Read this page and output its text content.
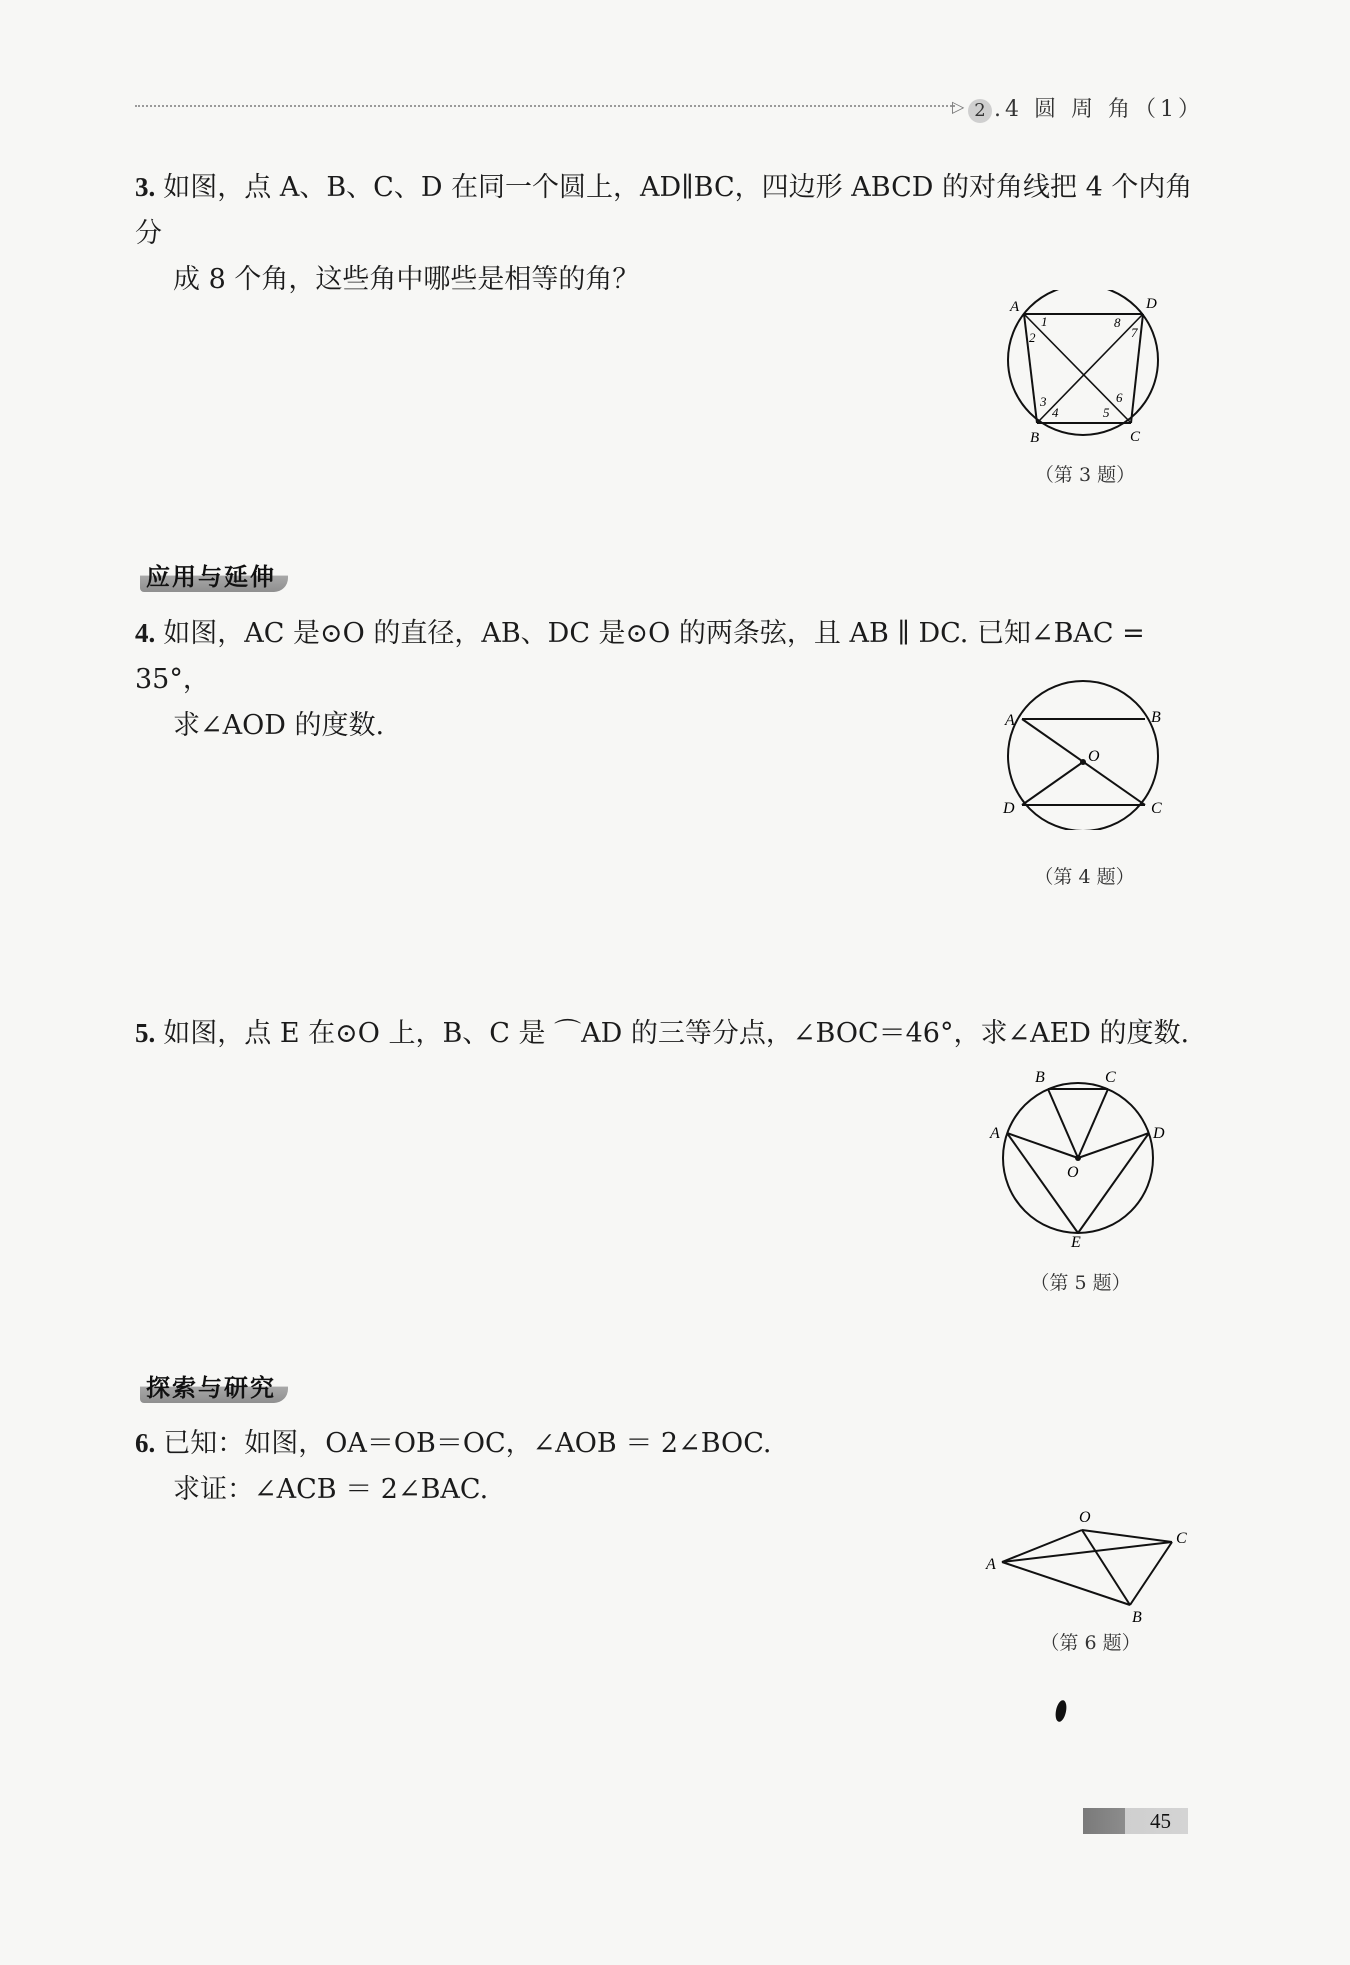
▷ 2 .4 圆 周 角（1）
3. 如图，点 A、B、C、D 在同一个圆上，AD∥BC，四边形 ABCD 的对角线把 4 个内角分
成 8 个角，这些角中哪些是相等的角？
A	D
B	C
1
2
3
4	5
6
7
8
（第 3 题）
应用与延伸
4. 如图，AC 是⊙O 的直径，AB、DC 是⊙O 的两条弦，且 AB ∥ DC. 已知∠BAC = 35°，
求∠AOD 的度数.	A	B
O
D	C
（第 4 题）
5. 如图，点 E 在⊙O 上，B、C 是 ⌒AD 的三等分点，∠BOC＝46°，求∠AED 的度数.
B	C
A	D
O
E
（第 5 题）
探索与研究
6. 已知：如图，OA＝OB＝OC，∠AOB ＝ 2∠BOC.
求证：∠ACB ＝ 2∠BAC.
O
C
A
B
（第 6 题）
45
